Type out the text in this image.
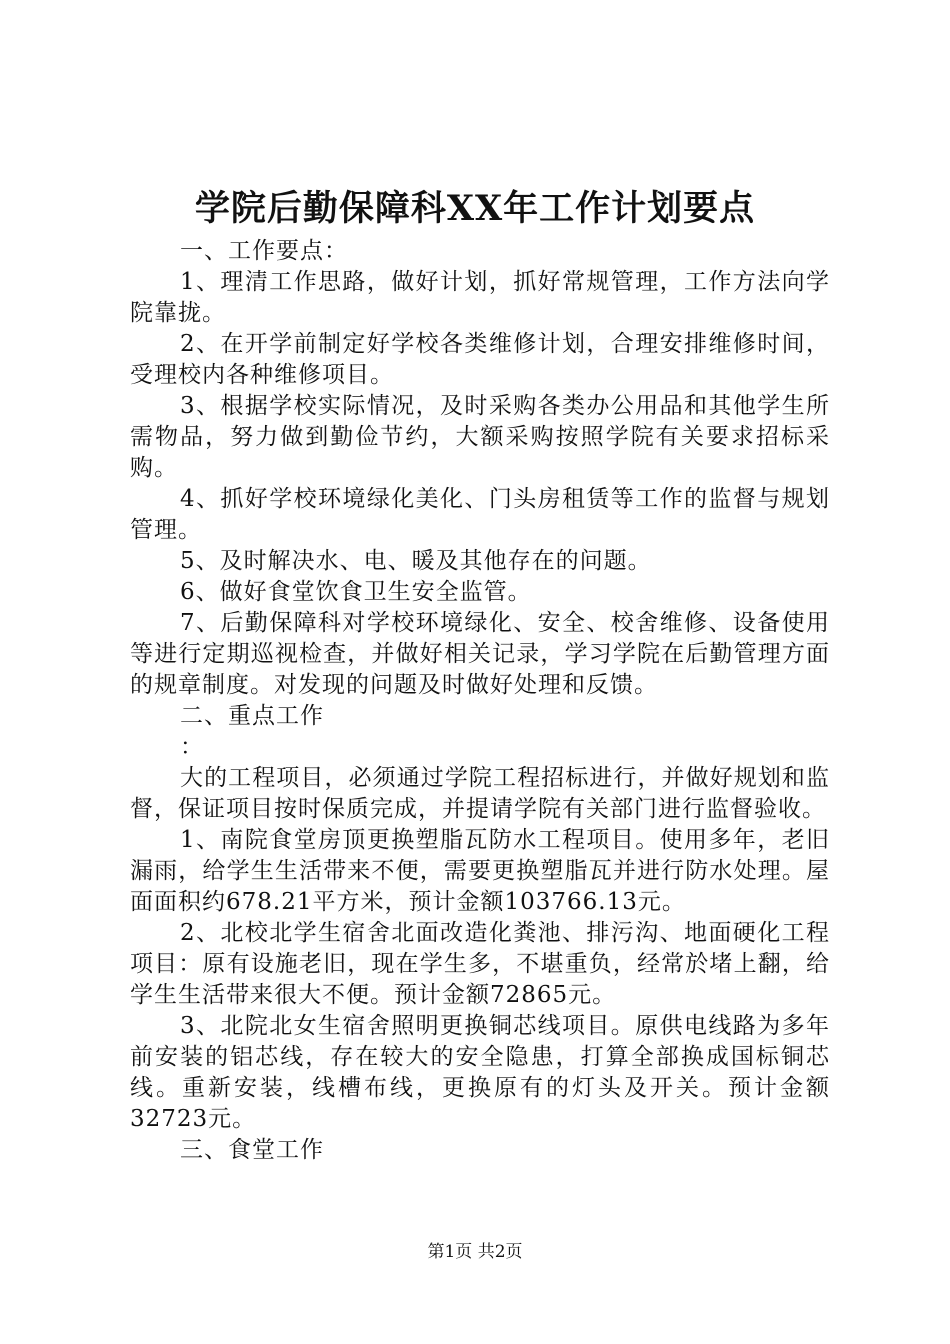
学院后勤保障科XX年工作计划要点

一、工作要点：

1、理清工作思路，做好计划，抓好常规管理，工作方法向学院靠拢。

2、在开学前制定好学校各类维修计划，合理安排维修时间，受理校内各种维修项目。

3、根据学校实际情况，及时采购各类办公用品和其他学生所需物品，努力做到勤俭节约，大额采购按照学院有关要求招标采购。

4、抓好学校环境绿化美化、门头房租赁等工作的监督与规划管理。

5、及时解决水、电、暖及其他存在的问题。

6、做好食堂饮食卫生安全监管。

7、后勤保障科对学校环境绿化、安全、校舍维修、设备使用等进行定期巡视检查，并做好相关记录，学习学院在后勤管理方面的规章制度。对发现的问题及时做好处理和反馈。

二、重点工作

：

大的工程项目，必须通过学院工程招标进行，并做好规划和监督，保证项目按时保质完成，并提请学院有关部门进行监督验收。

1、南院食堂房顶更换塑脂瓦防水工程项目。使用多年，老旧漏雨，给学生生活带来不便，需要更换塑脂瓦并进行防水处理。屋面面积约678.21平方米，预计金额103766.13元。

2、北校北学生宿舍北面改造化粪池、排污沟、地面硬化工程项目：原有设施老旧，现在学生多，不堪重负，经常於堵上翻，给学生生活带来很大不便。预计金额72865元。

3、北院北女生宿舍照明更换铜芯线项目。原供电线路为多年前安装的铝芯线，存在较大的安全隐患，打算全部换成国标铜芯线。重新安装，线槽布线，更换原有的灯头及开关。预计金额32723元。

三、食堂工作

第1页 共2页
